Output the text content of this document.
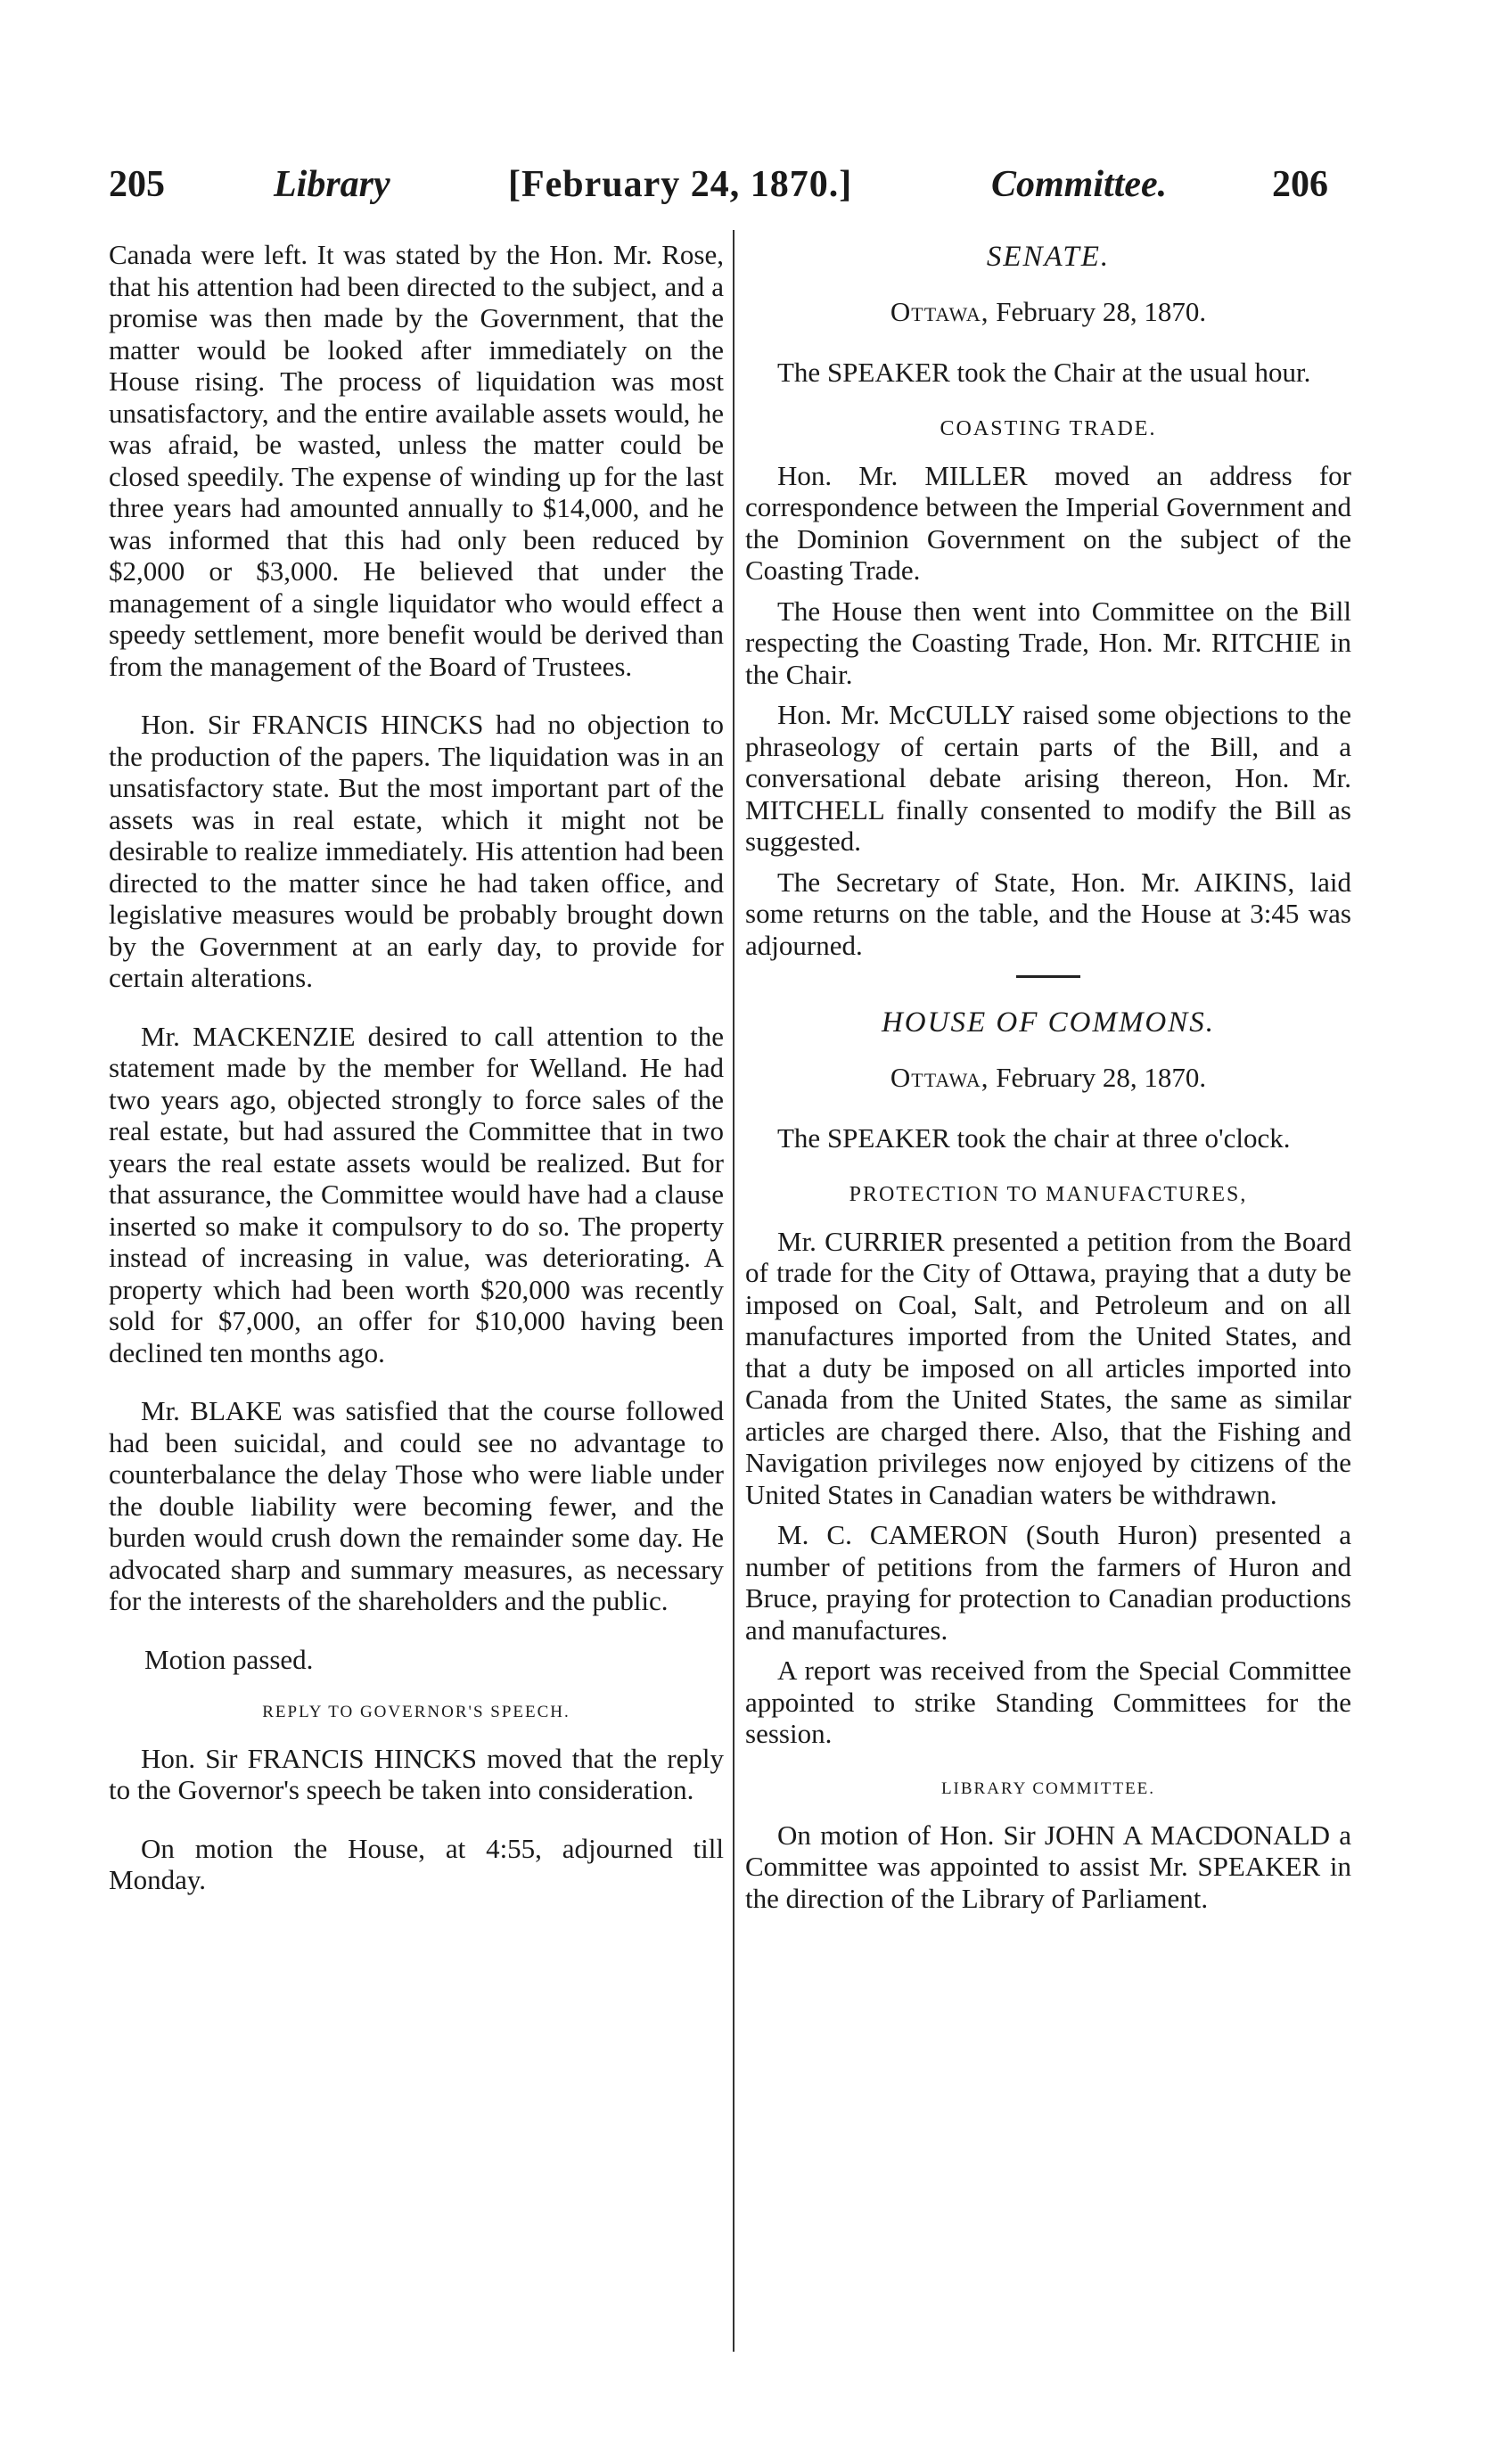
205	Library	[February 24, 1870.]	Committee.	206

Canada were left. It was stated by the Hon. Mr. Rose, that his attention had been directed to the subject, and a promise was then made by the Government, that the matter would be looked after immediately on the House rising. The process of liquidation was most unsatisfactory, and the entire available assets would, he was afraid, be wasted, unless the matter could be closed speedily. The expense of winding up for the last three years had amounted annually to $14,000, and he was informed that this had only been reduced by $2,000 or $3,000. He believed that under the management of a single liquidator who would effect a speedy settlement, more benefit would be derived than from the management of the Board of Trustees.

Hon. Sir FRANCIS HINCKS had no objection to the production of the papers. The liquidation was in an unsatisfactory state. But the most important part of the assets was in real estate, which it might not be desirable to realize immediately. His attention had been directed to the matter since he had taken office, and legislative measures would be probably brought down by the Government at an early day, to provide for certain alterations.

Mr. MACKENZIE desired to call attention to the statement made by the member for Welland. He had two years ago, objected strongly to force sales of the real estate, but had assured the Committee that in two years the real estate assets would be realized. But for that assurance, the Committee would have had a clause inserted so make it compulsory to do so. The property instead of increasing in value, was deteriorating. A property which had been worth $20,000 was recently sold for $7,000, an offer for $10,000 having been declined ten months ago.

Mr. BLAKE was satisfied that the course followed had been suicidal, and could see no advantage to counterbalance the delay Those who were liable under the double liability were becoming fewer, and the burden would crush down the remainder some day. He advocated sharp and summary measures, as necessary for the interests of the shareholders and the public.

Motion passed.

REPLY TO GOVERNOR'S SPEECH.

Hon. Sir FRANCIS HINCKS moved that the reply to the Governor's speech be taken into consideration.

On motion the House, at 4:55, adjourned till Monday.

SENATE.
Ottawa, February 28, 1870.

The SPEAKER took the Chair at the usual hour.

COASTING TRADE.

Hon. Mr. MILLER moved an address for correspondence between the Imperial Government and the Dominion Government on the subject of the Coasting Trade.

The House then went into Committee on the Bill respecting the Coasting Trade, Hon. Mr. RITCHIE in the Chair.

Hon. Mr. McCULLY raised some objections to the phraseology of certain parts of the Bill, and a conversational debate arising thereon, Hon. Mr. MITCHELL finally consented to modify the Bill as suggested.

The Secretary of State, Hon. Mr. AIKINS, laid some returns on the table, and the House at 3:45 was adjourned.

HOUSE OF COMMONS.
Ottawa, February 28, 1870.

The SPEAKER took the chair at three o'clock.

PROTECTION TO MANUFACTURES,

Mr. CURRIER presented a petition from the Board of trade for the City of Ottawa, praying that a duty be imposed on Coal, Salt, and Petroleum and on all manufactures imported from the United States, and that a duty be imposed on all articles imported into Canada from the United States, the same as similar articles are charged there. Also, that the Fishing and Navigation privileges now enjoyed by citizens of the United States in Canadian waters be withdrawn.

M. C. CAMERON (South Huron) presented a number of petitions from the farmers of Huron and Bruce, praying for protection to Canadian productions and manufactures.

A report was received from the Special Committee appointed to strike Standing Committees for the session.

LIBRARY COMMITTEE.

On motion of Hon. Sir JOHN A MACDONALD a Committee was appointed to assist Mr. SPEAKER in the direction of the Library of Parliament.
